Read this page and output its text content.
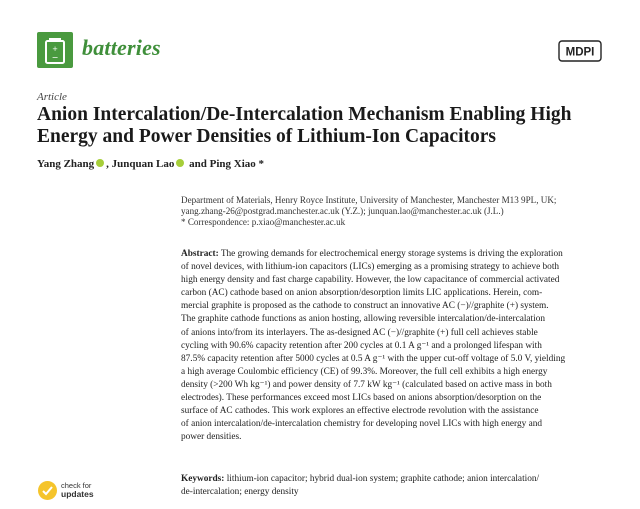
+
− batteries	MDPI
Article
Anion Intercalation/De-Intercalation Mechanism Enabling High
Energy and Power Densities of Lithium-Ion Capacitors
Yang Zhang , Junquan Lao and Ping Xiao *
Department of Materials, Henry Royce Institute, University of Manchester, Manchester M13 9PL, UK;
yang.zhang-26@postgrad.manchester.ac.uk (Y.Z.); junquan.lao@manchester.ac.uk (J.L.)
* Correspondence: p.xiao@manchester.ac.uk
Abstract: The growing demands for electrochemical energy storage systems is driving the exploration
of novel devices, with lithium-ion capacitors (LICs) emerging as a promising strategy to achieve both
high energy density and fast charge capability. However, the low capacitance of commercial activated
carbon (AC) cathode based on anion absorption/desorption limits LIC applications. Herein, com-
mercial graphite is proposed as the cathode to construct an innovative AC (−)//graphite (+) system.
The graphite cathode functions as anion hosting, allowing reversible intercalation/de-intercalation
of anions into/from its interlayers. The as-designed AC (−)//graphite (+) full cell achieves stable
cycling with 90.6% capacity retention after 200 cycles at 0.1 A g⁻¹ and a prolonged lifespan with
87.5% capacity retention after 5000 cycles at 0.5 A g⁻¹ with the upper cut-off voltage of 5.0 V, yielding
a high average Coulombic efficiency (CE) of 99.3%. Moreover, the full cell exhibits a high energy
density (>200 Wh kg⁻¹) and power density of 7.7 kW kg⁻¹ (calculated based on active mass in both
electrodes). These performances exceed most LICs based on anions absorption/desorption on the
surface of AC cathodes. This work explores an effective electrode revolution with the assistance
of anion intercalation/de-intercalation chemistry for developing novel LICs with high energy and
power densities.
Keywords: lithium-ion capacitor; hybrid dual-ion system; graphite cathode; anion intercalation/
de-intercalation; energy density
check for
updates
